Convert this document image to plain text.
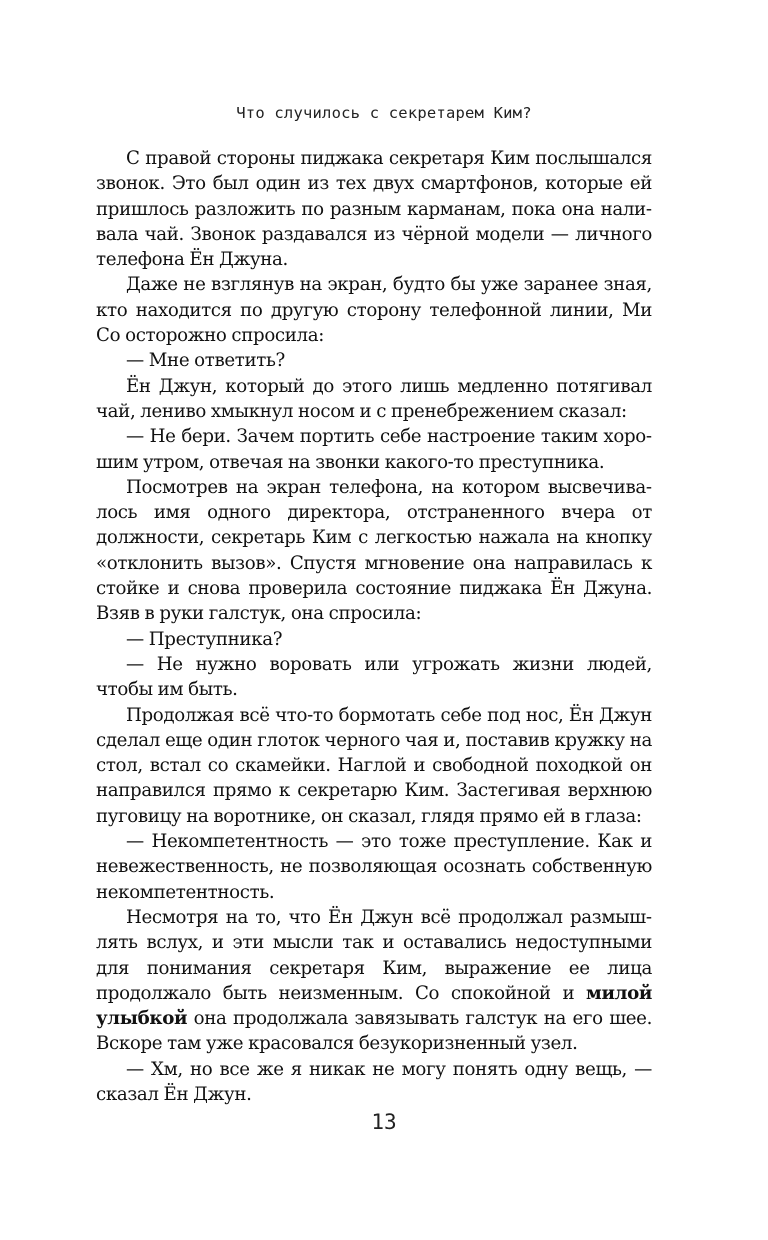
Что случилось с секретарем Ким?

С правой стороны пиджака секретаря Ким послышался звонок. Это был один из тех двух смартфонов, которые ей пришлось разложить по разным карманам, пока она наливала чай. Звонок раздавался из чёрной модели — личного телефона Ён Джуна.

Даже не взглянув на экран, будто бы уже заранее зная, кто находится по другую сторону телефонной линии, Ми Со осторожно спросила:

— Мне ответить?

Ён Джун, который до этого лишь медленно потягивал чай, лениво хмыкнул носом и с пренебрежением сказал:

— Не бери. Зачем портить себе настроение таким хорошим утром, отвечая на звонки какого-то преступника.

Посмотрев на экран телефона, на котором высвечивалось имя одного директора, отстраненного вчера от должности, секретарь Ким с легкостью нажала на кнопку «отклонить вызов». Спустя мгновение она направилась к стойке и снова проверила состояние пиджака Ён Джуна. Взяв в руки галстук, она спросила:

— Преступника?

— Не нужно воровать или угрожать жизни людей, чтобы им быть.

Продолжая всё что-то бормотать себе под нос, Ён Джун сделал еще один глоток черного чая и, поставив кружку на стол, встал со скамейки. Наглой и свободной походкой он направился прямо к секретарю Ким. Застегивая верхнюю пуговицу на воротнике, он сказал, глядя прямо ей в глаза:

— Некомпетентность — это тоже преступление. Как и невежественность, не позволяющая осознать собственную некомпетентность.

Несмотря на то, что Ён Джун всё продолжал размышлять вслух, и эти мысли так и оставались недоступными для понимания секретаря Ким, выражение ее лица продолжало быть неизменным. Со спокойной и милой улыбкой она продолжала завязывать галстук на его шее. Вскоре там уже красовался безукоризненный узел.

— Хм, но все же я никак не могу понять одну вещь, — сказал Ён Джун.

13
